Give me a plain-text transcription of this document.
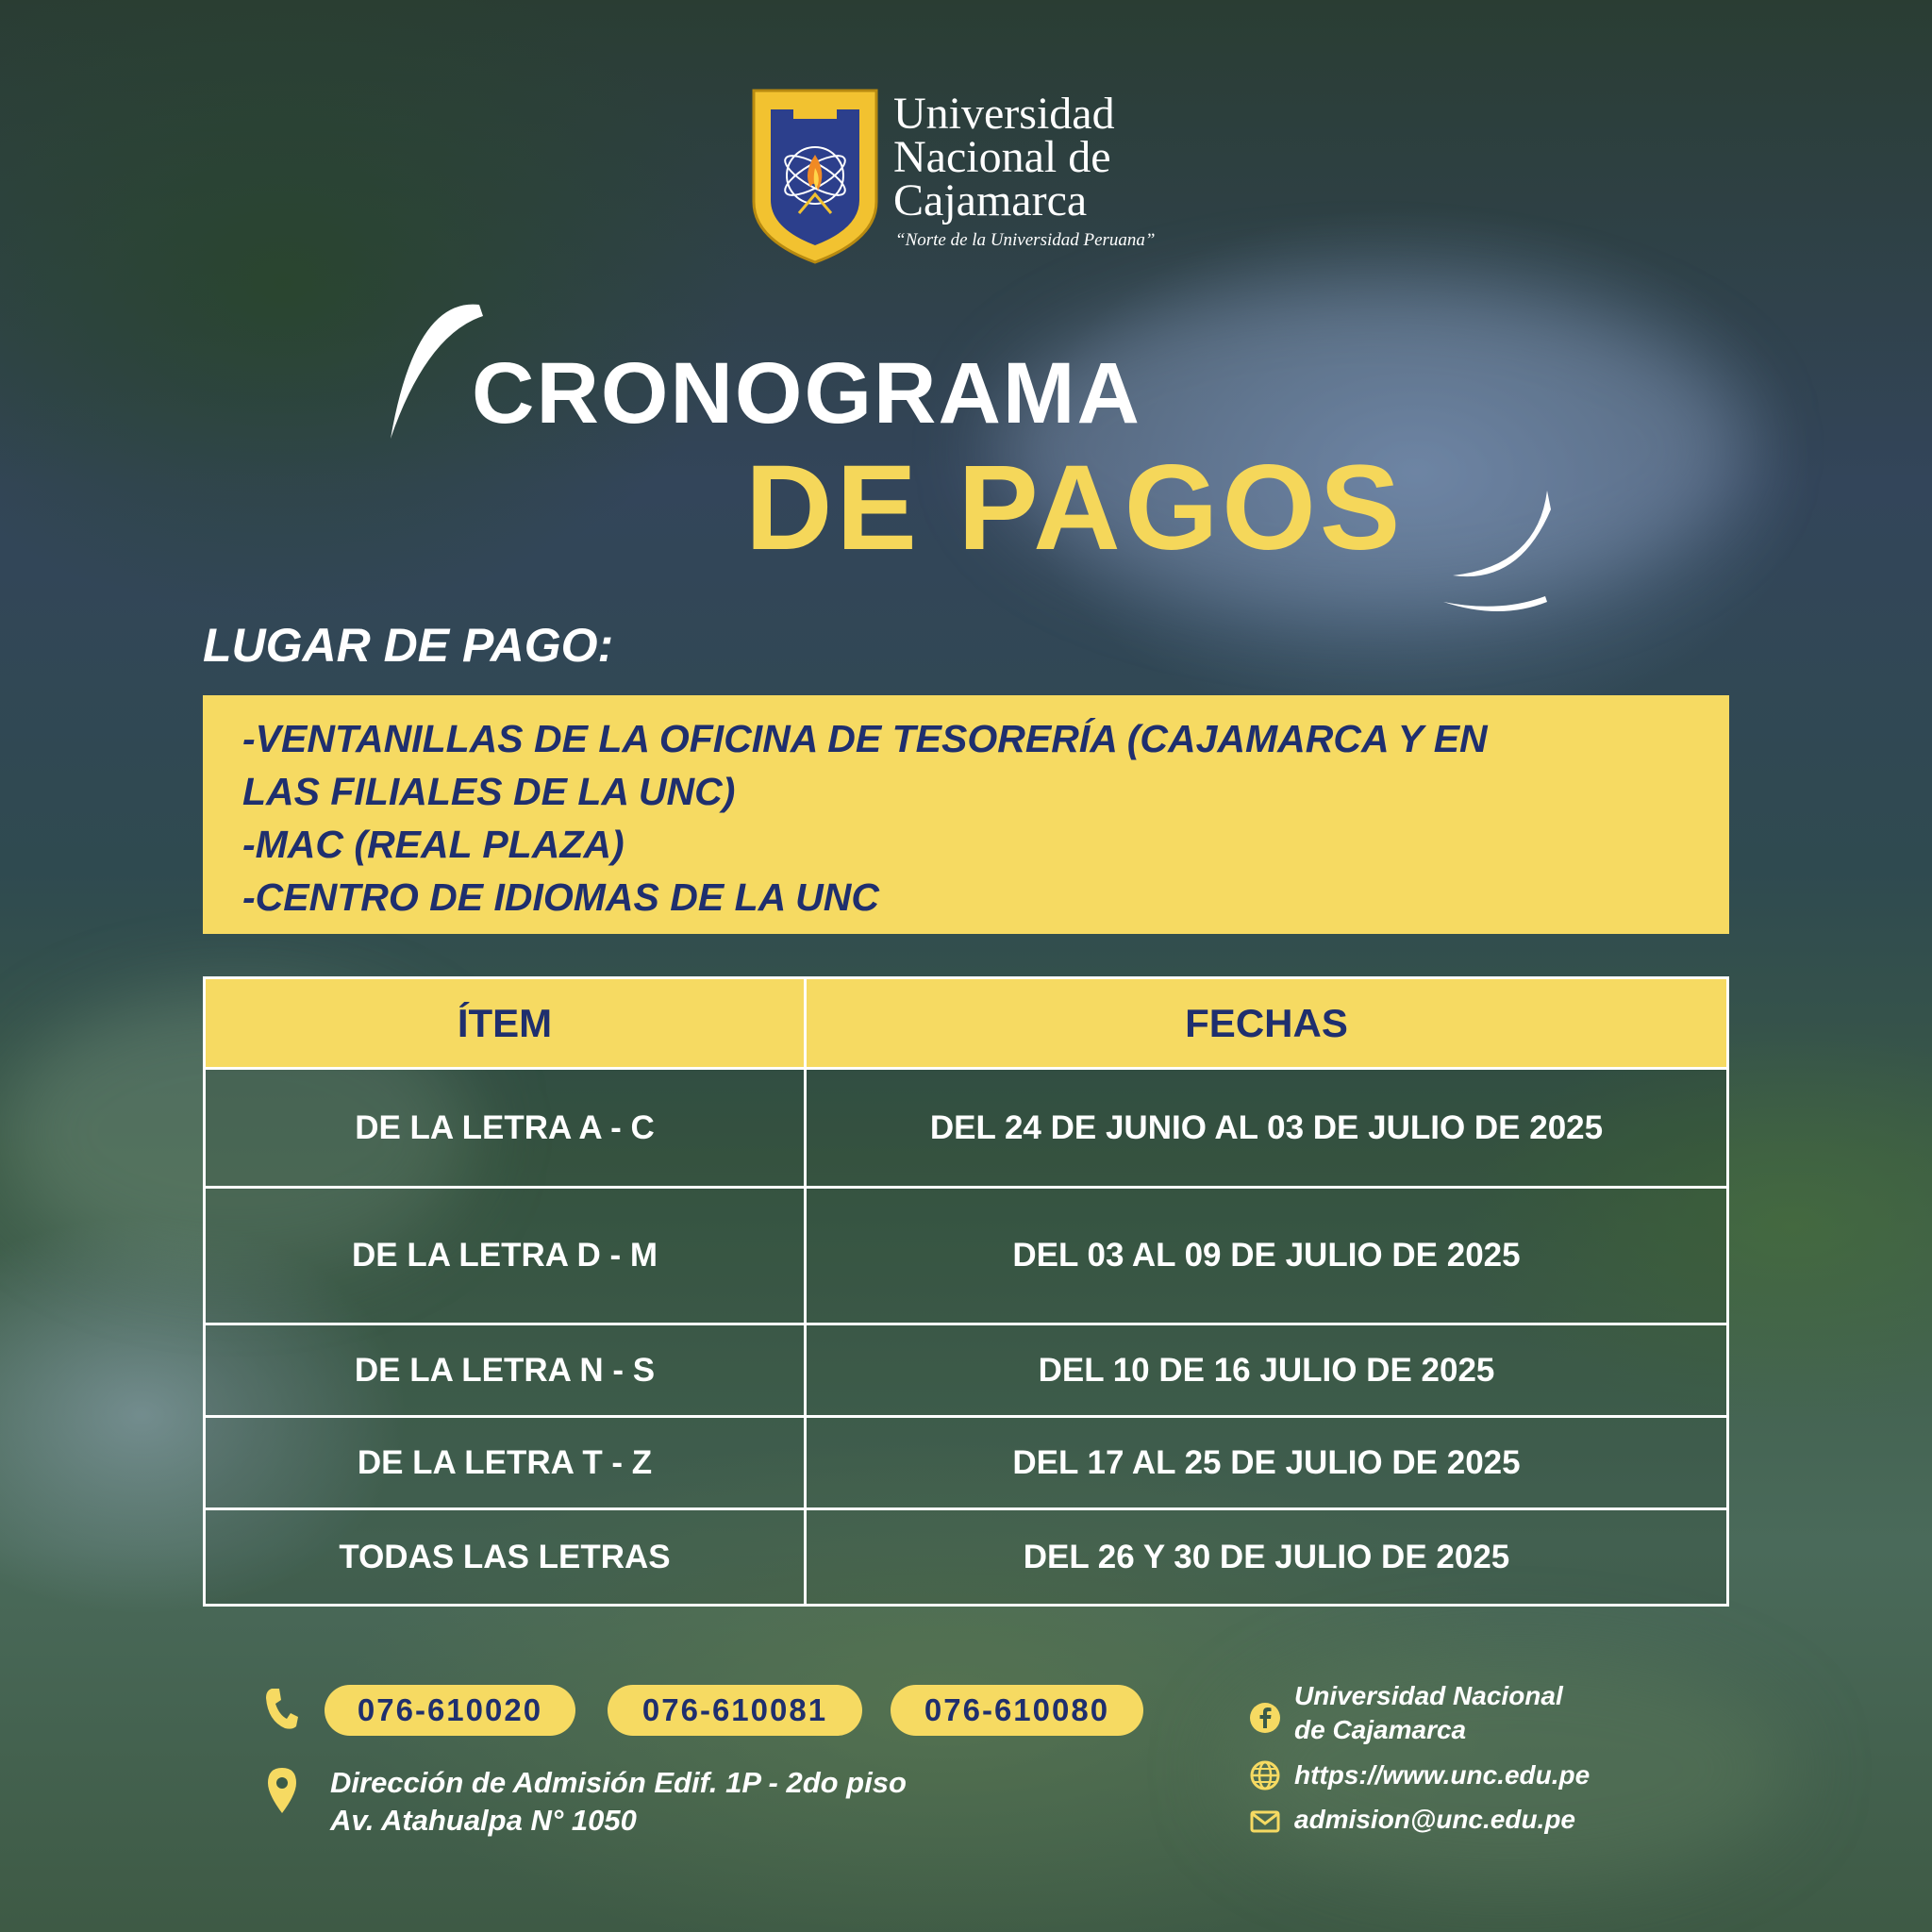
Universidad
Nacional de
Cajamarca
“Norte de la Universidad Peruana”
CRONOGRAMA
DE PAGOS
LUGAR DE PAGO:
-VENTANILLAS DE LA OFICINA DE TESORERÍA (CAJAMARCA Y EN
LAS FILIALES DE LA UNC)
-MAC (REAL PLAZA)
-CENTRO DE IDIOMAS DE LA UNC
ÍTEM	FECHAS
DE LA LETRA A - C	DEL 24 DE JUNIO AL 03 DE JULIO DE 2025
DE LA LETRA D - M	DEL 03 AL 09 DE JULIO DE 2025
DE LA LETRA N - S	DEL 10 DE 16 JULIO DE 2025
DE LA LETRA T - Z	DEL 17 AL 25 DE JULIO DE 2025
TODAS LAS LETRAS	DEL 26 Y 30 DE JULIO DE 2025
076-610020	076-610081	076-610080
Dirección de Admisión Edif. 1P - 2do piso
Av. Atahualpa N° 1050
Universidad Nacional
de Cajamarca
https://www.unc.edu.pe
admision@unc.edu.pe
